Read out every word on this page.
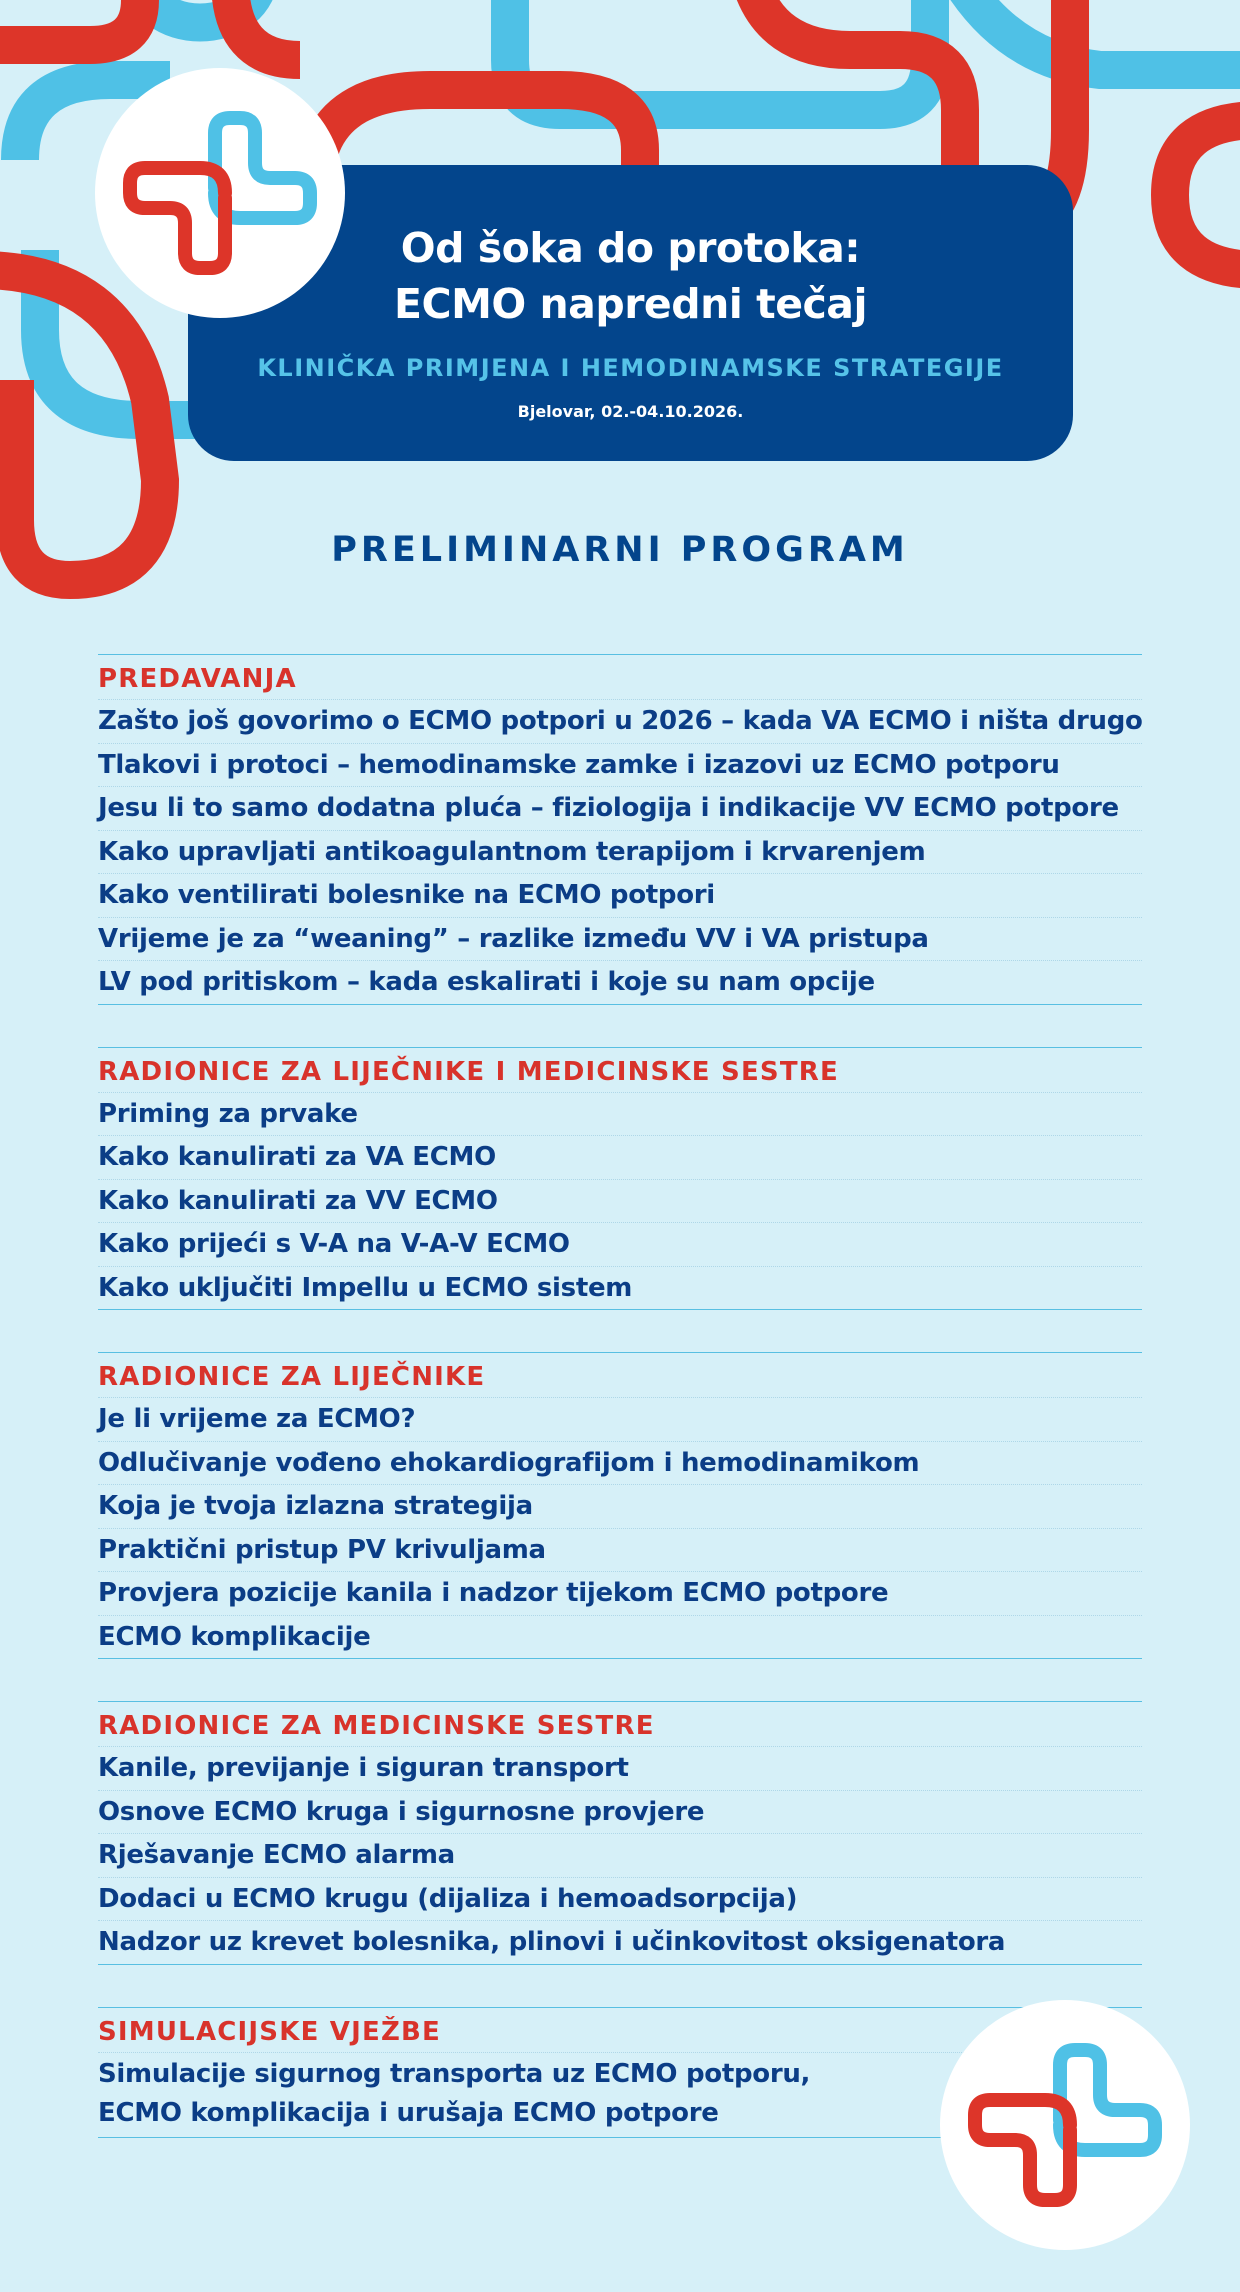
Od šoka do protoka:
ECMO napredni tečaj
KLINIČKA PRIMJENA I HEMODINAMSKE STRATEGIJE
Bjelovar, 02.-04.10.2026.
PRELIMINARNI PROGRAM
PREDAVANJA
Zašto još govorimo o ECMO potpori u 2026 – kada VA ECMO i ništa drugo
Tlakovi i protoci – hemodinamske zamke i izazovi uz ECMO potporu
Jesu li to samo dodatna pluća – fiziologija i indikacije VV ECMO potpore
Kako upravljati antikoagulantnom terapijom i krvarenjem
Kako ventilirati bolesnike na ECMO potpori
Vrijeme je za “weaning” – razlike između VV i VA pristupa
LV pod pritiskom – kada eskalirati i koje su nam opcije
RADIONICE ZA LIJEČNIKE I MEDICINSKE SESTRE
Priming za prvake
Kako kanulirati za VA ECMO
Kako kanulirati za VV ECMO
Kako prijeći s V-A na V-A-V ECMO
Kako uključiti Impellu u ECMO sistem
RADIONICE ZA LIJEČNIKE
Je li vrijeme za ECMO?
Odlučivanje vođeno ehokardiografijom i hemodinamikom
Koja je tvoja izlazna strategija
Praktični pristup PV krivuljama
Provjera pozicije kanila i nadzor tijekom ECMO potpore
ECMO komplikacije
RADIONICE ZA MEDICINSKE SESTRE
Kanile, previjanje i siguran transport
Osnove ECMO kruga i sigurnosne provjere
Rješavanje ECMO alarma
Dodaci u ECMO krugu (dijaliza i hemoadsorpcija)
Nadzor uz krevet bolesnika, plinovi i učinkovitost oksigenatora
SIMULACIJSKE VJEŽBE
Simulacije sigurnog transporta uz ECMO potporu,
ECMO komplikacija i urušaja ECMO potpore
